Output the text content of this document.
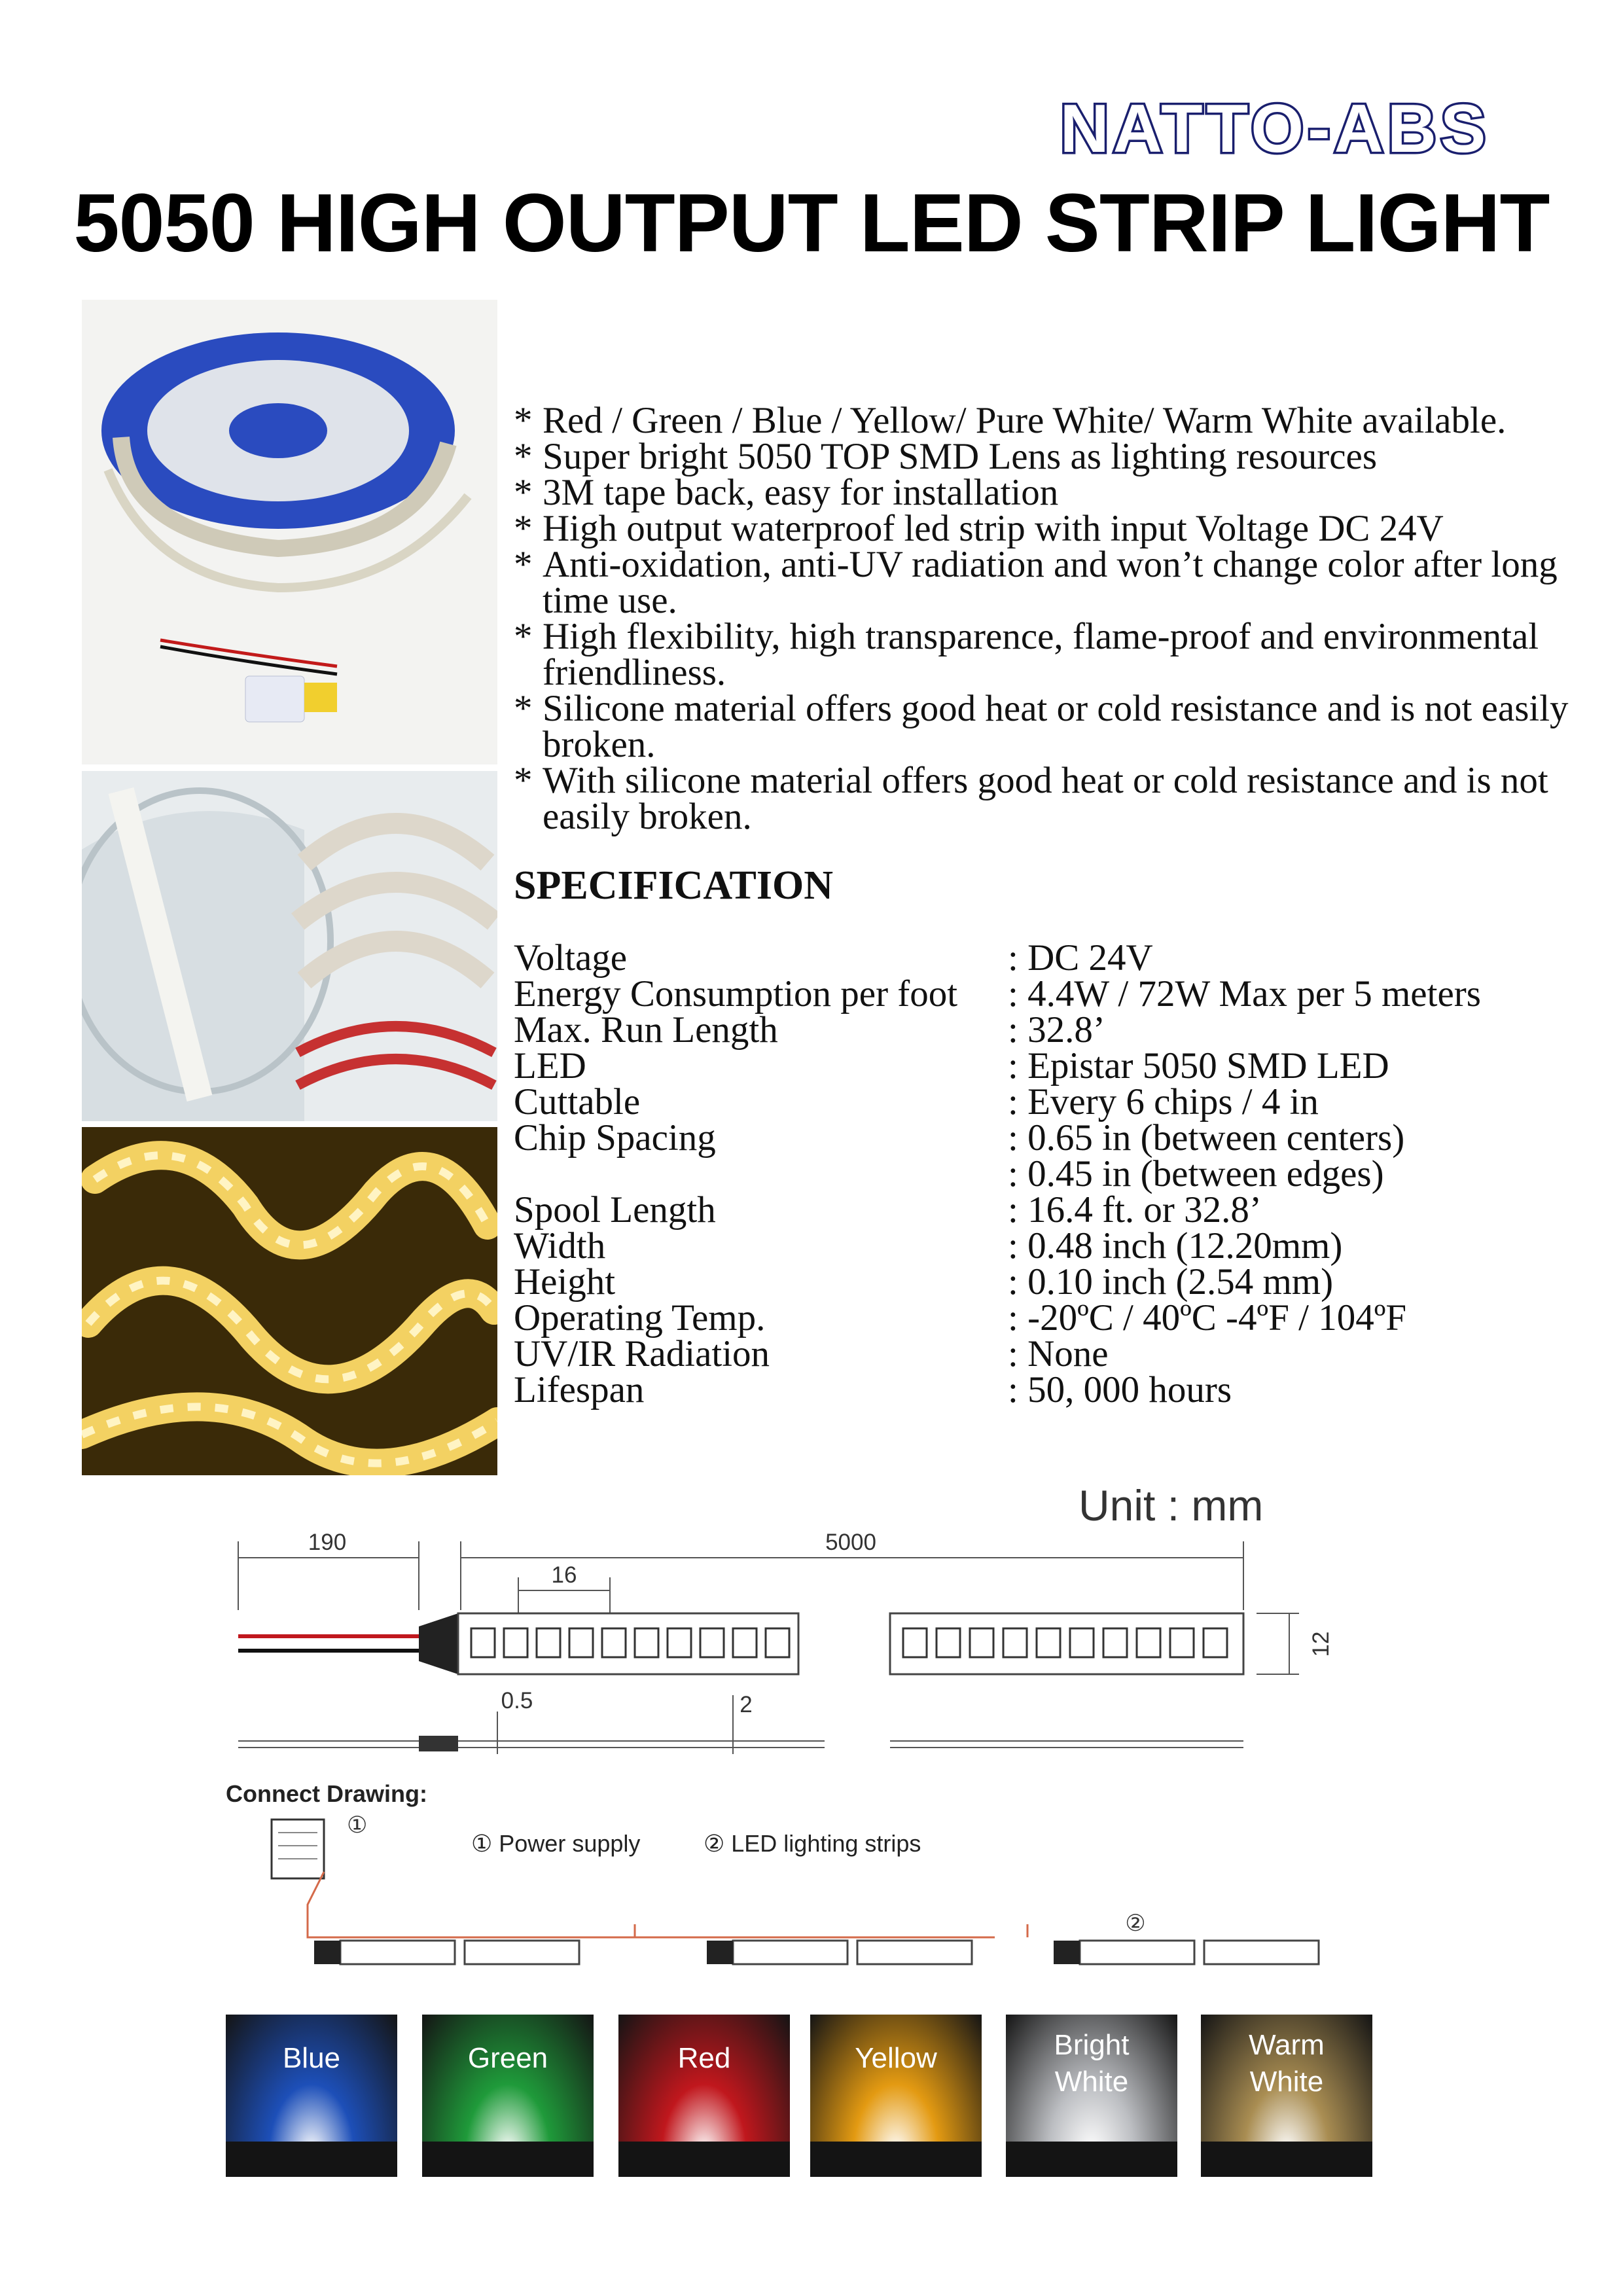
NATTO-ABS
5050 HIGH OUTPUT LED STRIP LIGHT
* Red / Green / Blue / Yellow/ Pure White/ Warm White available.
* Super bright 5050 TOP SMD Lens as lighting resources
* 3M tape back, easy for installation
* High output waterproof led strip with input Voltage DC 24V
* Anti-oxidation, anti-UV radiation and won’t change color after long time use.
* High flexibility, high transparence, flame-proof and environmental friendliness.
* Silicone material offers good heat or cold resistance and is not easily broken.
* With silicone material offers good heat or cold resistance and is not easily broken.
SPECIFICATION
Voltage	: DC 24V
Energy Consumption per foot : 4.4W / 72W Max per 5 meters
Max. Run Length	: 32.8’
LED	: Epistar 5050 SMD LED
Cuttable	: Every 6 chips / 4 in
Chip Spacing	: 0.65 in (between centers)
: 0.45 in (between edges)
Spool Length	: 16.4 ft. or 32.8’
Width	: 0.48 inch (12.20mm)
Height	: 0.10 inch (2.54 mm)
Operating Temp.	: -20ºC / 40ºC -4ºF / 104ºF
UV/IR Radiation	: None
Lifespan	: 50, 000 hours
Unit : mm
190	5000
16
12
0.5	2
①
②
Connect Drawing:
① Power supply	② LED lighting strips
Blue	Green	Red	Yellow	Bright
White
Warm
White
